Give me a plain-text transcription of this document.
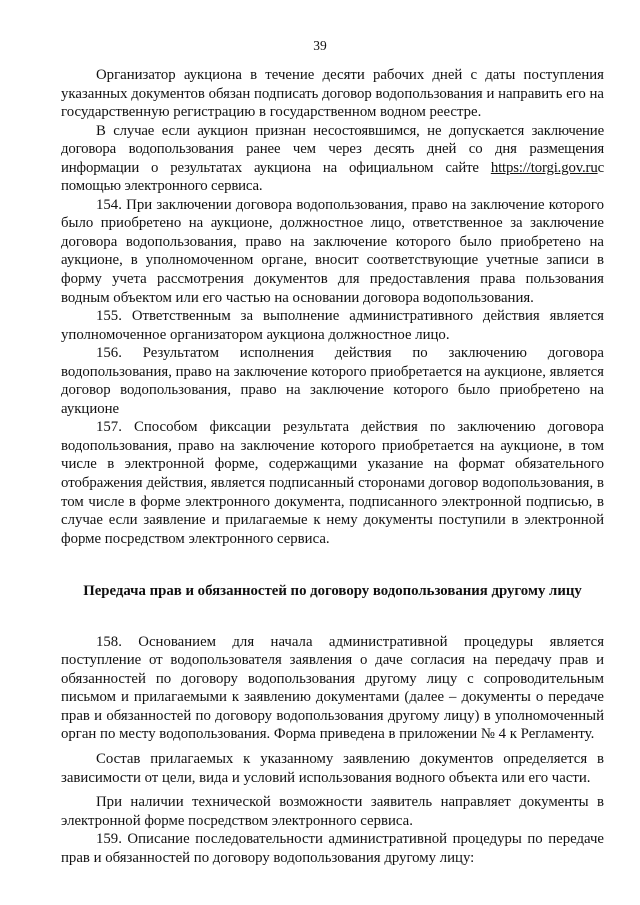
39

Организатор аукциона в течение десяти рабочих дней с даты поступления указанных документов обязан подписать договор водопользования и направить его на государственную регистрацию в государственном водном реестре.

В случае если аукцион признан несостоявшимся, не допускается заключение договора водопользования ранее чем через десять дней со дня размещения информации о результатах аукциона на официальном сайте https://torgi.gov.ruс помощью электронного сервиса.

154. При заключении договора водопользования, право на заключение которого было приобретено на аукционе, должностное лицо, ответственное за заключение договора водопользования, право на заключение которого было приобретено на аукционе, в уполномоченном органе, вносит соответствующие учетные записи в форму учета рассмотрения документов для предоставления права пользования водным объектом или его частью на основании договора водопользования.

155. Ответственным за выполнение административного действия является уполномоченное организатором аукциона должностное лицо.

156. Результатом исполнения действия по заключению договора водопользования, право на заключение которого приобретается на аукционе, является договор водопользования, право на заключение которого было приобретено на аукционе

157. Способом фиксации результата действия по заключению договора водопользования, право на заключение которого приобретается на аукционе, в том числе в электронной форме, содержащими указание на формат обязательного отображения действия, является подписанный сторонами договор водопользования, в том числе в форме электронного документа, подписанного электронной подписью, в случае если заявление и прилагаемые к нему документы поступили в электронной форме посредством электронного сервиса.

Передача прав и обязанностей по договору водопользования другому лицу

158. Основанием для начала административной процедуры является поступление от водопользователя заявления о даче согласия на передачу прав и обязанностей по договору водопользования другому лицу с сопроводительным письмом и прилагаемыми к заявлению документами (далее – документы о передаче прав и обязанностей по договору водопользования другому лицу) в уполномоченный орган по месту водопользования. Форма приведена в приложении № 4 к Регламенту.

Состав прилагаемых к указанному заявлению документов определяется в зависимости от цели, вида и условий использования водного объекта или его части.

При наличии технической возможности заявитель направляет документы в электронной форме посредством электронного сервиса.

159. Описание последовательности административной процедуры по передаче прав и обязанностей по договору водопользования другому лицу:
